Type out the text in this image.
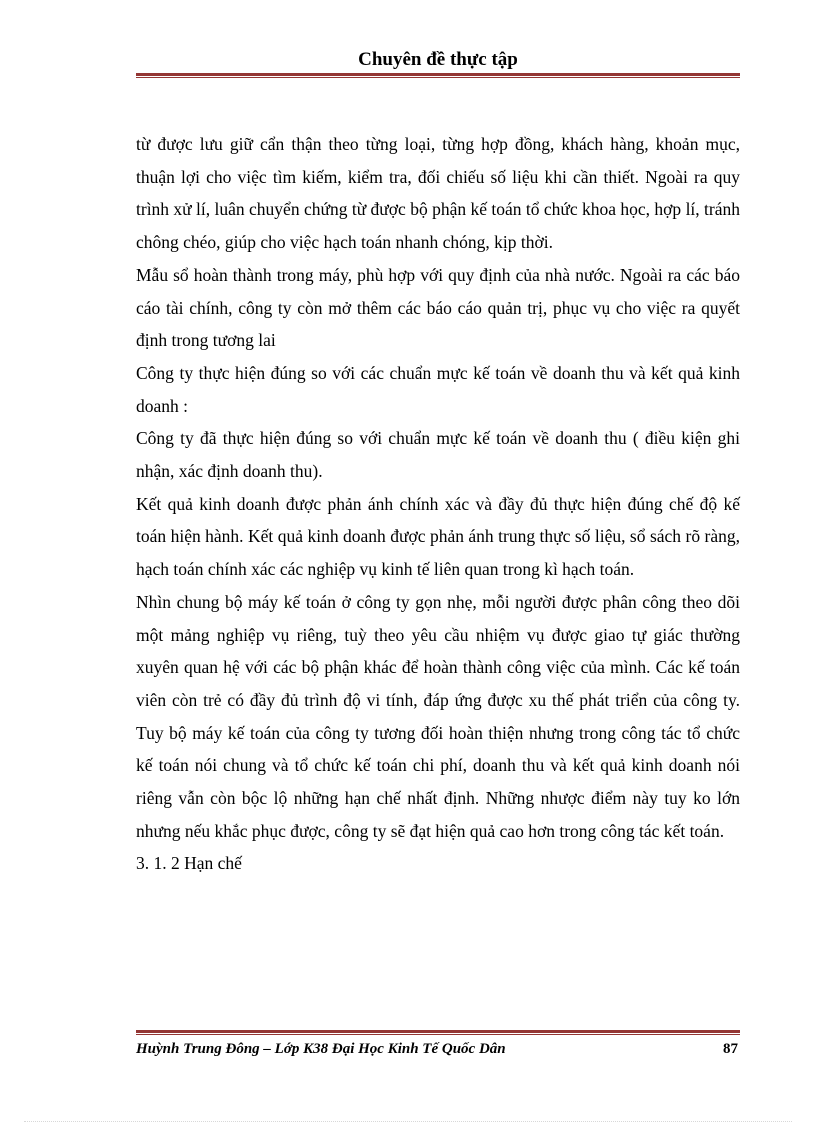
Chuyên đề thực tập

từ được lưu giữ cẩn thận theo từng loại, từng hợp đồng, khách hàng, khoản mục, thuận lợi cho việc tìm kiếm, kiểm tra, đối chiếu số liệu khi cần thiết. Ngoài ra quy trình xử lí, luân chuyển chứng từ được bộ phận kế toán tổ chức khoa học, hợp lí, tránh chông chéo, giúp cho việc hạch toán nhanh chóng, kịp thời.

Mẫu sổ hoàn thành trong máy, phù hợp với quy định của nhà nước. Ngoài ra các báo cáo tài chính, công ty còn mở thêm các báo cáo quản trị, phục vụ cho việc ra quyết định trong tương lai

Công ty thực hiện đúng so với các chuẩn mực kế toán về doanh thu và kết quả kinh doanh :

Công ty đã thực hiện đúng so với chuẩn mực kế toán về doanh thu ( điều kiện ghi nhận, xác định doanh thu).

Kết quả kinh doanh được phản ánh chính xác và đầy đủ thực hiện đúng chế độ kế toán hiện hành. Kết quả kinh doanh được phản ánh trung thực số liệu, sổ sách rõ ràng, hạch toán chính xác các nghiệp vụ kinh tế liên quan trong kì hạch toán.

Nhìn chung bộ máy kế toán ở công ty gọn nhẹ, mỗi người được phân công theo dõi một mảng nghiệp vụ riêng, tuỳ theo yêu cầu nhiệm vụ được giao tự giác thường xuyên quan hệ với các bộ phận khác để hoàn thành công việc của mình. Các kế toán viên còn trẻ có đầy đủ trình độ vi tính, đáp ứng được xu thế phát triển của công ty.

Tuy bộ máy kế toán của công ty tương đối hoàn thiện nhưng trong công tác tổ chức kế toán nói chung và tổ chức kế toán chi phí, doanh thu và kết quả kinh doanh nói riêng vẫn còn bộc lộ những hạn chế nhất định. Những nhược điểm này tuy ko lớn nhưng nếu khắc phục được, công ty sẽ đạt hiện quả cao hơn trong công tác kết toán.

3. 1. 2 Hạn chế

Huỳnh Trung Đông – Lớp K38 Đại Học Kinh Tế Quốc Dân	87
